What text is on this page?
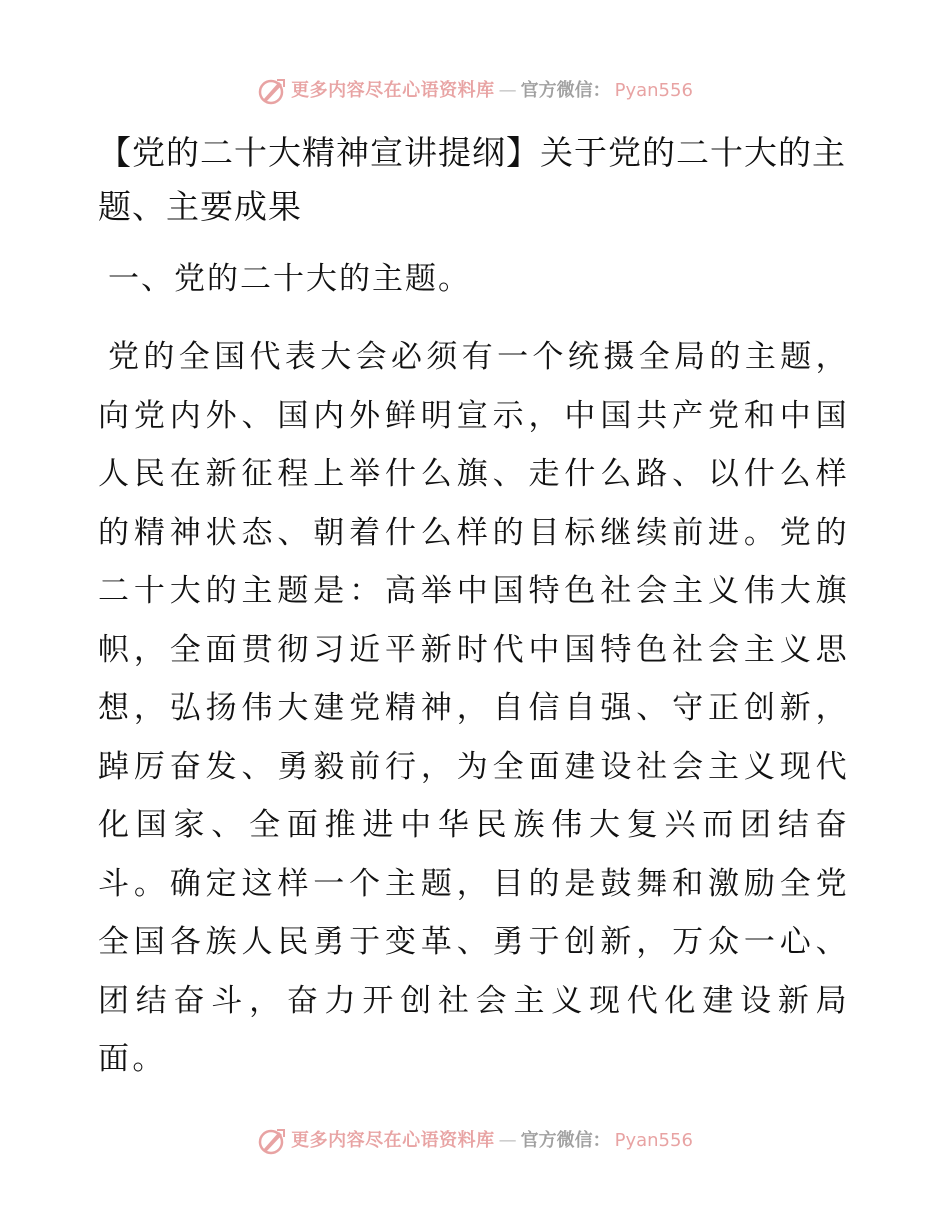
更多内容尽在心语资料库 — 官方微信： Pyan556
【党的二十大精神宣讲提纲】关于党的二十大的主题、主要成果
一、党的二十大的主题。

党的全国代表大会必须有一个统摄全局的主题，向党内外、国内外鲜明宣示，中国共产党和中国人民在新征程上举什么旗、走什么路、以什么样的精神状态、朝着什么样的目标继续前进。党的二十大的主题是：高举中国特色社会主义伟大旗帜，全面贯彻习近平新时代中国特色社会主义思想，弘扬伟大建党精神，自信自强、守正创新，踔厉奋发、勇毅前行，为全面建设社会主义现代化国家、全面推进中华民族伟大复兴而团结奋斗。确定这样一个主题，目的是鼓舞和激励全党全国各族人民勇于变革、勇于创新，万众一心、团结奋斗，奋力开创社会主义现代化建设新局面。

更多内容尽在心语资料库 — 官方微信： Pyan556
